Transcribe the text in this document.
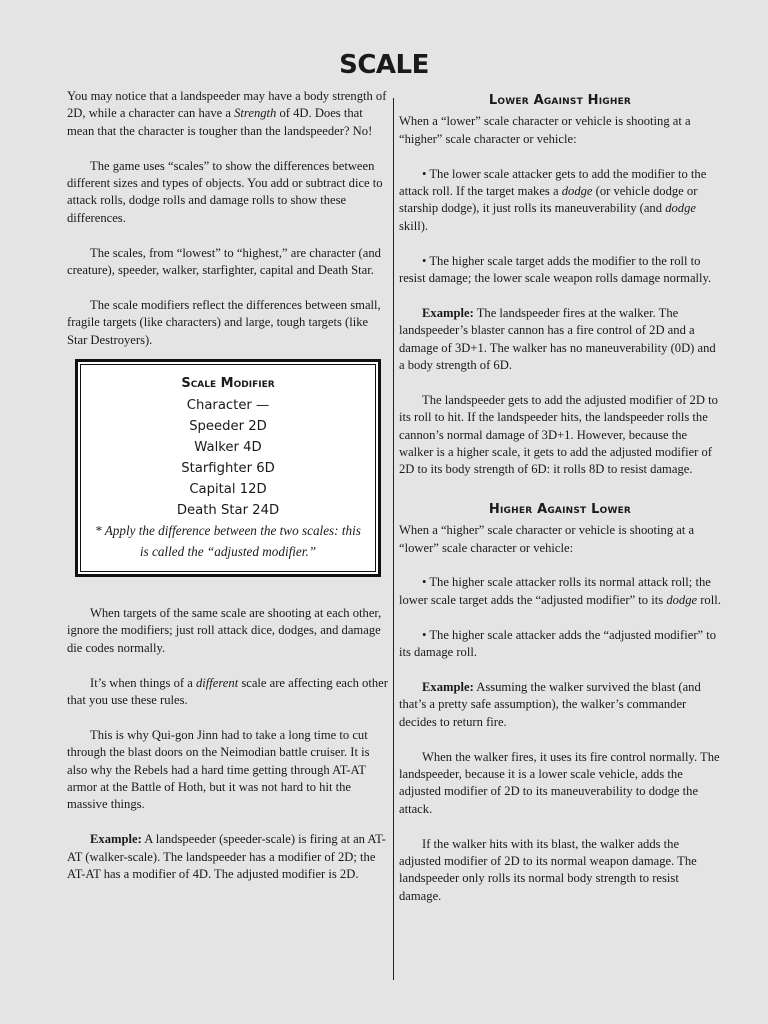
SCALE

You may notice that a landspeeder may have a body strength of 2D, while a character can have a Strength of 4D. Does that mean that the character is tougher than the landspeeder? No!

The game uses “scales” to show the differences between different sizes and types of objects. You add or subtract dice to attack rolls, dodge rolls and damage rolls to show these differences.

The scales, from “lowest” to “highest,” are character (and creature), speeder, walker, starfighter, capital and Death Star.

The scale modifiers reflect the differences between small, fragile targets (like characters) and large, tough targets (like Star Destroyers).

Scale Modifier
Character —
Speeder 2D
Walker 4D
Starfighter 6D
Capital 12D
Death Star 24D
* Apply the difference between the two scales: this is called the “adjusted modifier.”

When targets of the same scale are shooting at each other, ignore the modifiers; just roll attack dice, dodges, and damage die codes normally.

It’s when things of a different scale are affecting each other that you use these rules.

This is why Qui-gon Jinn had to take a long time to cut through the blast doors on the Neimodian battle cruiser. It is also why the Rebels had a hard time getting through AT-AT armor at the Battle of Hoth, but it was not hard to hit the massive things.

Example: A landspeeder (speeder-scale) is firing at an AT-AT (walker-scale). The landspeeder has a modifier of 2D; the AT-AT has a modifier of 4D. The adjusted modifier is 2D.

Lower Against Higher

When a “lower” scale character or vehicle is shooting at a “higher” scale character or vehicle:

• The lower scale attacker gets to add the modifier to the attack roll. If the target makes a dodge (or vehicle dodge or starship dodge), it just rolls its maneuverability (and dodge skill).

• The higher scale target adds the modifier to the roll to resist damage; the lower scale weapon rolls damage normally.

Example: The landspeeder fires at the walker. The landspeeder’s blaster cannon has a fire control of 2D and a damage of 3D+1. The walker has no maneuverability (0D) and a body strength of 6D.

The landspeeder gets to add the adjusted modifier of 2D to its roll to hit. If the landspeeder hits, the landspeeder rolls the cannon’s normal damage of 3D+1. However, because the walker is a higher scale, it gets to add the adjusted modifier of 2D to its body strength of 6D: it rolls 8D to resist damage.

Higher Against Lower

When a “higher” scale character or vehicle is shooting at a “lower” scale character or vehicle:

• The higher scale attacker rolls its normal attack roll; the lower scale target adds the “adjusted modifier” to its dodge roll.

• The higher scale attacker adds the “adjusted modifier” to its damage roll.

Example: Assuming the walker survived the blast (and that’s a pretty safe assumption), the walker’s commander decides to return fire.

When the walker fires, it uses its fire control normally. The landspeeder, because it is a lower scale vehicle, adds the adjusted modifier of 2D to its maneuverability to dodge the attack.

If the walker hits with its blast, the walker adds the adjusted modifier of 2D to its normal weapon damage. The landspeeder only rolls its normal body strength to resist damage.
